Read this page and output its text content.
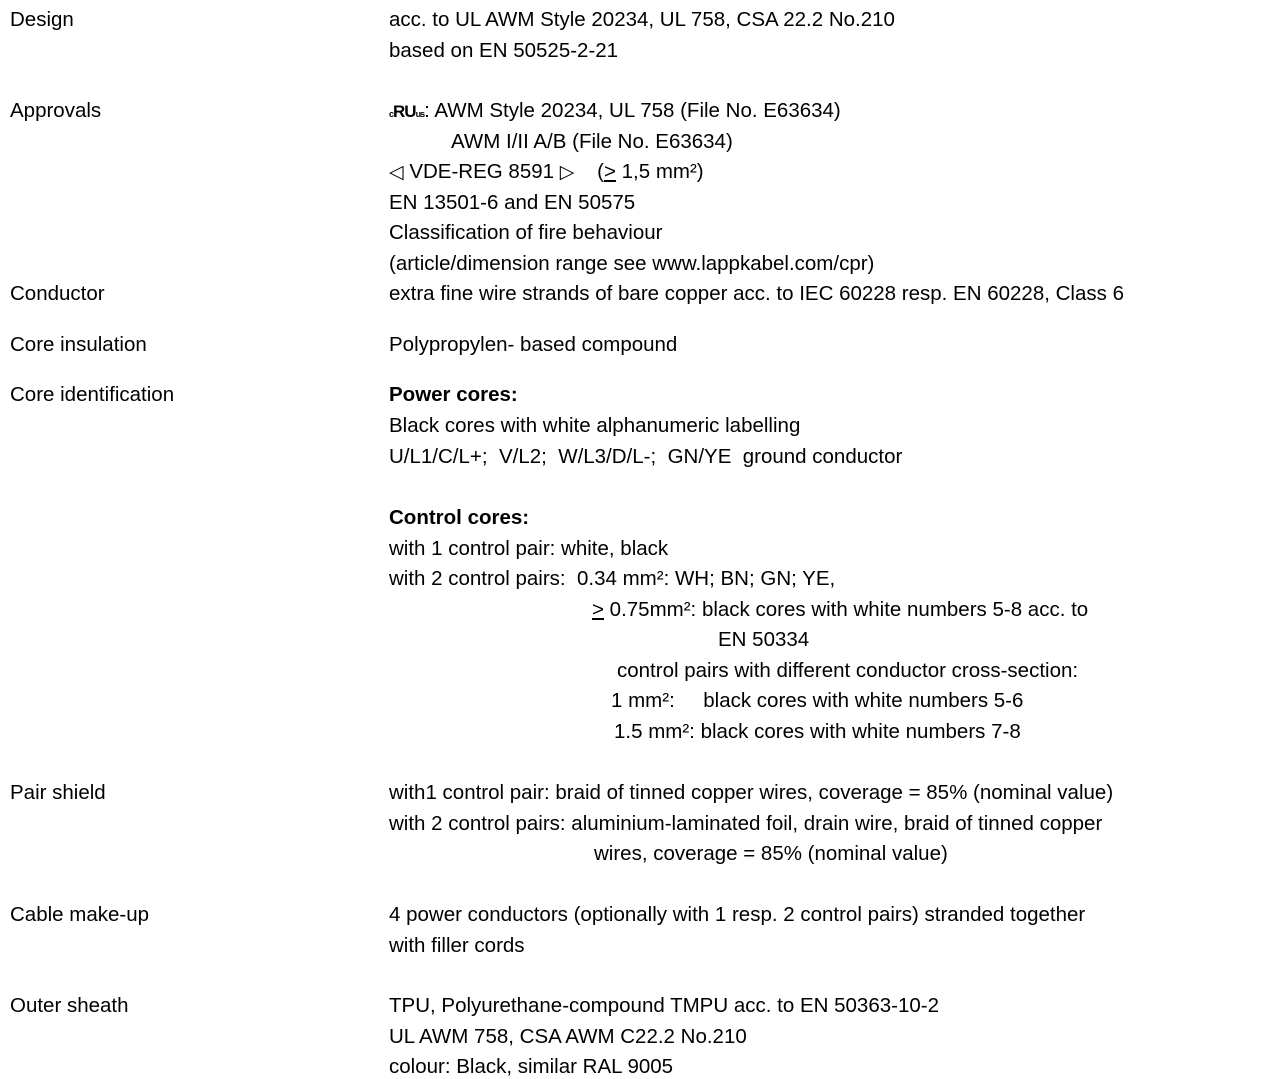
Design	acc. to UL AWM Style 20234, UL 758, CSA 22.2 No.210
based on EN 50525-2-21
Approvals	cRUus: AWM Style 20234, UL 758 (File No. E63634)
AWM I/II A/B (File No. E63634)
◁ VDE-REG 8591 ▷    (> 1,5 mm²)
EN 13501-6 and EN 50575
Classification of fire behaviour
(article/dimension range see www.lappkabel.com/cpr)
Conductor	extra fine wire strands of bare copper acc. to IEC 60228 resp. EN 60228, Class 6
Core insulation	Polypropylen- based compound
Core identification	Power cores:
Black cores with white alphanumeric labelling
U/L1/C/L+;  V/L2;  W/L3/D/L-;  GN/YE  ground conductor
Control cores:
with 1 control pair: white, black
with 2 control pairs:  0.34 mm²: WH; BN; GN; YE,
> 0.75mm²: black cores with white numbers 5-8 acc. to
EN 50334
control pairs with different conductor cross-section:
1 mm²:     black cores with white numbers 5-6
1.5 mm²: black cores with white numbers 7-8
Pair shield	with1 control pair: braid of tinned copper wires, coverage = 85% (nominal value)
with 2 control pairs: aluminium-laminated foil, drain wire, braid of tinned copper
wires, coverage = 85% (nominal value)
Cable make-up	4 power conductors (optionally with 1 resp. 2 control pairs) stranded together
with filler cords
Outer sheath	TPU, Polyurethane-compound TMPU acc. to EN 50363-10-2
UL AWM 758, CSA AWM C22.2 No.210
colour: Black, similar RAL 9005
